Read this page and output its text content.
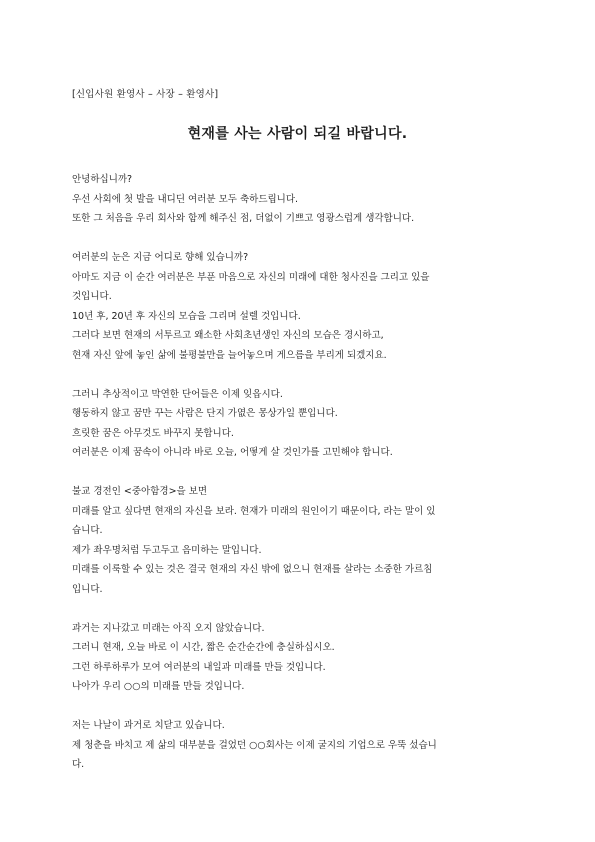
[신입사원 환영사 – 사장 – 환영사]
현재를 사는 사람이 되길 바랍니다.
안녕하십니까?
우선 사회에 첫 발을 내디딘 여러분 모두 축하드립니다.
또한 그 처음을 우리 회사와 함께 해주신 점, 더없이 기쁘고 영광스럽게 생각합니다.
여러분의 눈은 지금 어디로 향해 있습니까?
아마도 지금 이 순간 여러분은 부푼 마음으로 자신의 미래에 대한 청사진을 그리고 있을
것입니다.
10년 후, 20년 후 자신의 모습을 그리며 설렐 것입니다.
그러다 보면 현재의 서투르고 왜소한 사회초년생인 자신의 모습은 경시하고,
현재 자신 앞에 놓인 삶에 불평불만을 늘어놓으며 게으름을 부리게 되겠지요.
그러니 추상적이고 막연한 단어들은 이제 잊읍시다.
행동하지 않고 꿈만 꾸는 사람은 단지 가엾은 몽상가일 뿐입니다.
흐릿한 꿈은 아무것도 바꾸지 못합니다.
여러분은 이제 꿈속이 아니라 바로 오늘, 어떻게 살 것인가를 고민해야 합니다.
불교 경전인 <중아함경>을 보면
미래를 알고 싶다면 현재의 자신을 보라. 현재가 미래의 원인이기 때문이다, 라는 말이 있
습니다.
제가 좌우명처럼 두고두고 음미하는 말입니다.
미래를 이룩할 수 있는 것은 결국 현재의 자신 밖에 없으니 현재를 살라는 소중한 가르침
입니다.
과거는 지나갔고 미래는 아직 오지 않았습니다.
그러니 현재, 오늘 바로 이 시간, 짧은 순간순간에 충실하십시오.
그런 하루하루가 모여 여러분의 내일과 미래를 만들 것입니다.
나아가 우리 ○○의 미래를 만들 것입니다.
저는 나날이 과거로 치닫고 있습니다.
제 청춘을 바치고 제 삶의 대부분을 걸었던 ○○회사는 이제 굴지의 기업으로 우뚝 섰습니
다.
